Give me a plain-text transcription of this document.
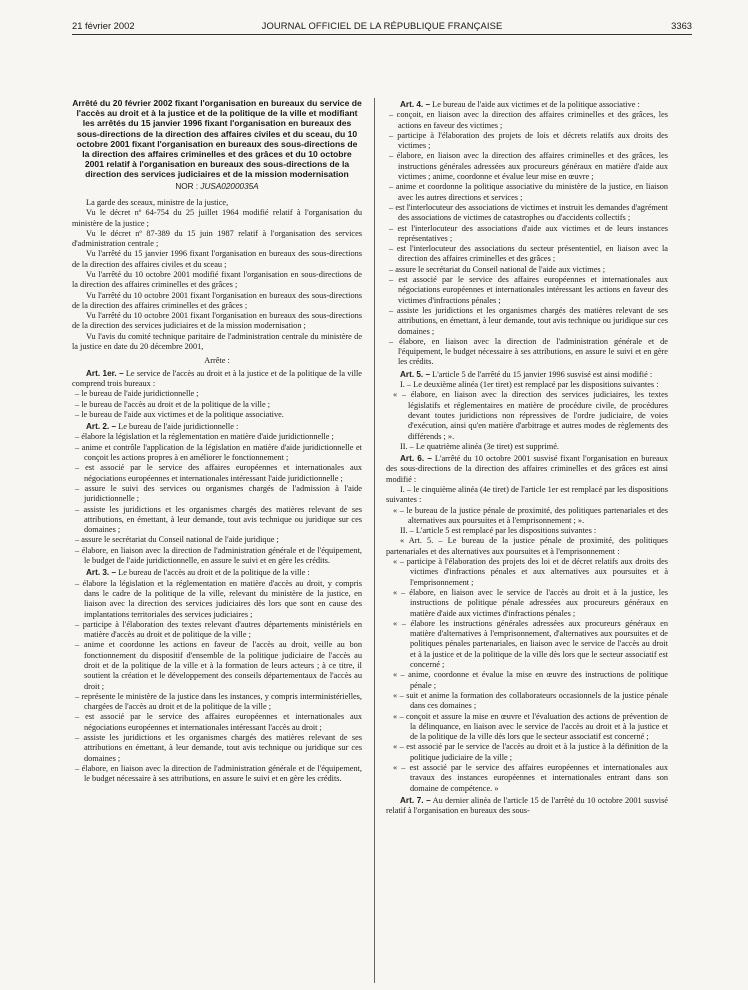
21 février 2002	JOURNAL OFFICIEL DE LA RÉPUBLIQUE FRANÇAISE	3363

Arrêté du 20 février 2002 fixant l'organisation en bureaux du service de l'accès au droit et à la justice et de la politique de la ville et modifiant les arrêtés du 15 janvier 1996 fixant l'organisation en bureaux des sous-directions de la direction des affaires civiles et du sceau, du 10 octobre 2001 fixant l'organisation en bureaux des sous-directions de la direction des affaires criminelles et des grâces et du 10 octobre 2001 relatif à l'organisation en bureaux des sous-directions de la direction des services judiciaires et de la mission modernisation

NOR : JUSA0200035A

La garde des sceaux, ministre de la justice,

Vu le décret nº 64-754 du 25 juillet 1964 modifié relatif à l'organisation du ministère de la justice ;

Vu le décret nº 87-389 du 15 juin 1987 relatif à l'organisation des services d'administration centrale ;

Vu l'arrêté du 15 janvier 1996 fixant l'organisation en bureaux des sous-directions de la direction des affaires civiles et du sceau ;

Vu l'arrêté du 10 octobre 2001 modifié fixant l'organisation en sous-directions de la direction des affaires criminelles et des grâces ;

Vu l'arrêté du 10 octobre 2001 fixant l'organisation en bureaux des sous-directions de la direction des affaires criminelles et des grâces ;

Vu l'arrêté du 10 octobre 2001 fixant l'organisation en bureaux des sous-directions de la direction des services judiciaires et de la mission modernisation ;

Vu l'avis du comité technique paritaire de l'administration centrale du ministère de la justice en date du 20 décembre 2001,

Arrête :

Art. 1er. – Le service de l'accès au droit et à la justice et de la politique de la ville comprend trois bureaux :

– le bureau de l'aide juridictionnelle ;
– le bureau de l'accès au droit et de la politique de la ville ;
– le bureau de l'aide aux victimes et de la politique associative.

Art. 2. – Le bureau de l'aide juridictionnelle :

– élabore la législation et la réglementation en matière d'aide juridictionnelle ;
– anime et contrôle l'application de la législation en matière d'aide juridictionnelle et conçoit les actions propres à en améliorer le fonctionnement ;
– est associé par le service des affaires européennes et internationales aux négociations européennes et internationales intéressant l'aide juridictionnelle ;
– assure le suivi des services ou organismes chargés de l'admission à l'aide juridictionnelle ;
– assiste les juridictions et les organismes chargés des matières relevant de ses attributions, en émettant, à leur demande, tout avis technique ou juridique sur ces domaines ;
– assure le secrétariat du Conseil national de l'aide juridique ;
– élabore, en liaison avec la direction de l'administration générale et de l'équipement, le budget de l'aide juridictionnelle, en assure le suivi et en gère les crédits.

Art. 3. – Le bureau de l'accès au droit et de la politique de la ville :

– élabore la législation et la réglementation en matière d'accès au droit, y compris dans le cadre de la politique de la ville, relevant du ministère de la justice, en liaison avec la direction des services judiciaires dès lors que sont en cause des implantations territoriales des services judiciaires ;
– participe à l'élaboration des textes relevant d'autres départements ministériels en matière d'accès au droit et de politique de la ville ;
– anime et coordonne les actions en faveur de l'accès au droit, veille au bon fonctionnement du dispositif d'ensemble de la politique judiciaire de l'accès au droit et de la politique de la ville et à la formation de leurs acteurs ; à ce titre, il soutient la création et le développement des conseils départementaux de l'accès au droit ;
– représente le ministère de la justice dans les instances, y compris interministérielles, chargées de l'accès au droit et de la politique de la ville ;
– est associé par le service des affaires européennes et internationales aux négociations européennes et internationales intéressant l'accès au droit ;
– assiste les juridictions et les organismes chargés des matières relevant de ses attributions en émettant, à leur demande, tout avis technique ou juridique sur ces domaines ;
– élabore, en liaison avec la direction de l'administration générale et de l'équipement, le budget nécessaire à ses attributions, en assure le suivi et en gère les crédits.

Art. 4. – Le bureau de l'aide aux victimes et de la politique associative :

– conçoit, en liaison avec la direction des affaires criminelles et des grâces, les actions en faveur des victimes ;
– participe à l'élaboration des projets de lois et décrets relatifs aux droits des victimes ;
– élabore, en liaison avec la direction des affaires criminelles et des grâces, les instructions générales adressées aux procureurs généraux en matière d'aide aux victimes ; anime, coordonne et évalue leur mise en œuvre ;
– anime et coordonne la politique associative du ministère de la justice, en liaison avec les autres directions et services ;
– est l'interlocuteur des associations de victimes et instruit les demandes d'agrément des associations de victimes de catastrophes ou d'accidents collectifs ;
– est l'interlocuteur des associations d'aide aux victimes et de leurs instances représentatives ;
– est l'interlocuteur des associations du secteur présententiel, en liaison avec la direction des affaires criminelles et des grâces ;
– assure le secrétariat du Conseil national de l'aide aux victimes ;
– est associé par le service des affaires européennes et internationales aux négociations européennes et internationales intéressant les actions en faveur des victimes d'infractions pénales ;
– assiste les juridictions et les organismes chargés des matières relevant de ses attributions, en émettant, à leur demande, tout avis technique ou juridique sur ces domaines ;
– élabore, en liaison avec la direction de l'administration générale et de l'équipement, le budget nécessaire à ses attributions, en assure le suivi et en gère les crédits.

Art. 5. – L'article 5 de l'arrêté du 15 janvier 1996 susvisé est ainsi modifié :

I. – Le deuxième alinéa (1er tiret) est remplacé par les dispositions suivantes :

« – élabore, en liaison avec la direction des services judiciaires, les textes législatifs et réglementaires en matière de procédure civile, de procédures devant toutes juridictions non répressives de l'ordre judiciaire, de voies d'exécution, ainsi qu'en matière d'arbitrage et autres modes de règlements des différends ; ».

II. – Le quatrième alinéa (3e tiret) est supprimé.

Art. 6. – L'arrêté du 10 octobre 2001 susvisé fixant l'organisation en bureaux des sous-directions de la direction des affaires criminelles et des grâces est ainsi modifié :

I. – le cinquième alinéa (4e tiret) de l'article 1er est remplacé par les dispositions suivantes :

« – le bureau de la justice pénale de proximité, des politiques partenariales et des alternatives aux poursuites et à l'emprisonnement ; ».

II. – L'article 5 est remplacé par les dispositions suivantes :

« Art. 5. – Le bureau de la justice pénale de proximité, des politiques partenariales et des alternatives aux poursuites et à l'emprisonnement :

« – participe à l'élaboration des projets des loi et de décret relatifs aux droits des victimes d'infractions pénales et aux alternatives aux poursuites et à l'emprisonnement ;
« – élabore, en liaison avec le service de l'accès au droit et à la justice, les instructions de politique pénale adressées aux procureurs généraux en matière d'aide aux victimes d'infractions pénales ;
« – élabore les instructions générales adressées aux procureurs généraux en matière d'alternatives à l'emprisonnement, d'alternatives aux poursuites et de politiques pénales partenariales, en liaison avec le service de l'accès au droit et à la justice et de la politique de la ville dès lors que le secteur associatif est concerné ;
« – anime, coordonne et évalue la mise en œuvre des instructions de politique pénale ;
« – suit et anime la formation des collaborateurs occasionnels de la justice pénale dans ces domaines ;
« – conçoit et assure la mise en œuvre et l'évaluation des actions de prévention de la délinquance, en liaison avec le service de l'accès au droit et à la justice et de la politique de la ville dès lors que le secteur associatif est concerné ;
« – est associé par le service de l'accès au droit et à la justice à la définition de la politique judiciaire de la ville ;
« – est associé par le service des affaires européennes et internationales aux travaux des instances européennes et internationales entrant dans son domaine de compétence. »

Art. 7. – Au dernier alinéa de l'article 15 de l'arrêté du 10 octobre 2001 susvisé relatif à l'organisation en bureaux des sous-
